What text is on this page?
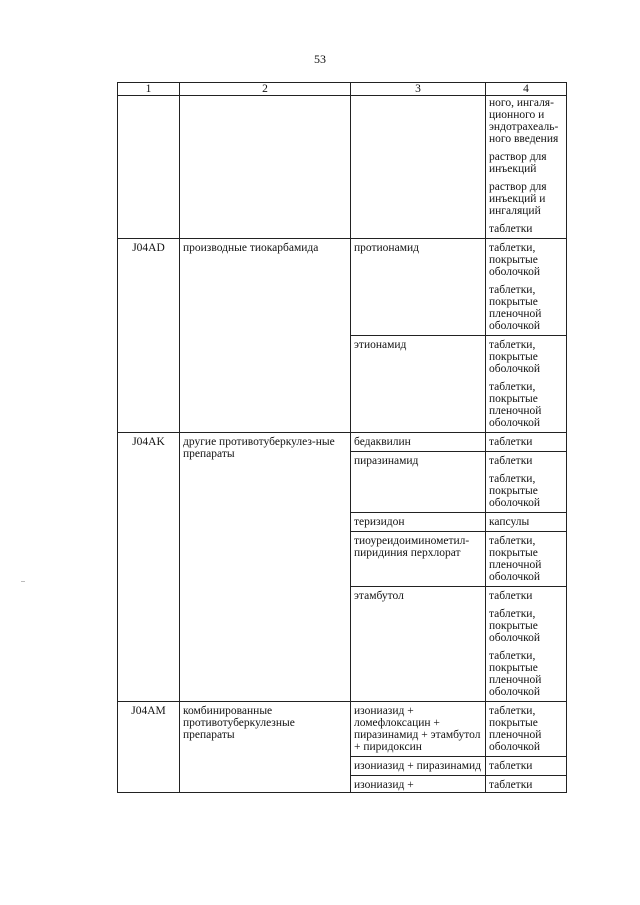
53
1	2	3	4

			ного, ингаля-ционного и эндотрахеаль-ного введения
раствор для инъекций
раствор для инъекций и ингаляций
таблетки

J04AD	производные тиокарбамида	протионамид	таблетки, покрытые оболочкой
таблетки, покрытые пленочной оболочкой

		этионамид	таблетки, покрытые оболочкой
таблетки, покрытые пленочной оболочкой

J04AK	другие противотуберкулез-ные препараты	бедаквилин	таблетки

		пиразинамид	таблетки
таблетки, покрытые оболочкой

		теризидон	капсулы

		тиоуреидоиминометил-пиридиния перхлорат	таблетки, покрытые пленочной оболочкой

		этамбутол	таблетки
таблетки, покрытые оболочкой
таблетки, покрытые пленочной оболочкой

J04AM	комбинированные противотуберкулезные препараты	изониазид + ломефлоксацин + пиразинамид + этамбутол + пиридоксин	таблетки, покрытые пленочной оболочкой

		изониазид + пиразинамид	таблетки

		изониазид +	таблетки
